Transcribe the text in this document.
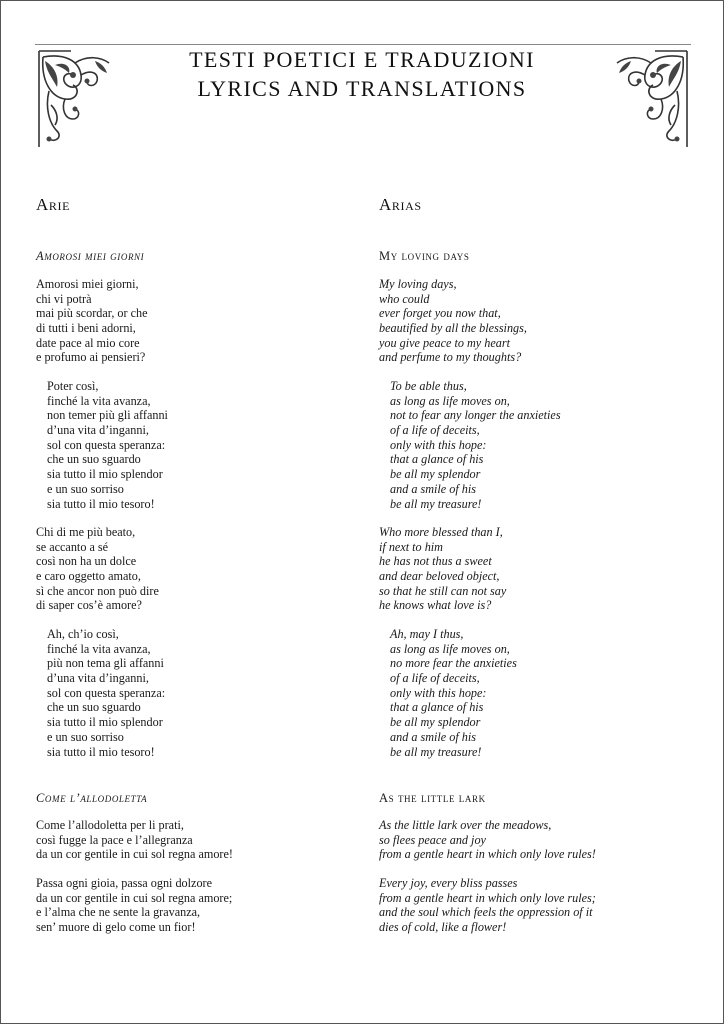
TESTI POETICI E TRADUZIONI
LYRICS AND TRANSLATIONS
Arie
Amorosi miei giorni
Amorosi miei giorni,
chi vi potrà
mai più scordar, or che
di tutti i beni adorni,
date pace al mio core
e profumo ai pensieri?
Poter così,
finché la vita avanza,
non temer più gli affanni
d’una vita d’inganni,
sol con questa speranza:
che un suo sguardo
sia tutto il mio splendor
e un suo sorriso
sia tutto il mio tesoro!
Chi di me più beato,
se accanto a sé
così non ha un dolce
e caro oggetto amato,
sì che ancor non può dire
di saper cos’è amore?
Ah, ch’io così,
finché la vita avanza,
più non tema gli affanni
d’una vita d’inganni,
sol con questa speranza:
che un suo sguardo
sia tutto il mio splendor
e un suo sorriso
sia tutto il mio tesoro!
Come l’allodoletta
Come l’allodoletta per li prati,
così fugge la pace e l’allegranza
da un cor gentile in cui sol regna amore!
Passa ogni gioia, passa ogni dolzore
da un cor gentile in cui sol regna amore;
e l’alma che ne sente la gravanza,
sen’ muore di gelo come un fior!
Arias
My loving days
My loving days,
who could
ever forget you now that,
beautified by all the blessings,
you give peace to my heart
and perfume to my thoughts?
To be able thus,
as long as life moves on,
not to fear any longer the anxieties
of a life of deceits,
only with this hope:
that a glance of his
be all my splendor
and a smile of his
be all my treasure!
Who more blessed than I,
if next to him
he has not thus a sweet
and dear beloved object,
so that he still can not say
he knows what love is?
Ah, may I thus,
as long as life moves on,
no more fear the anxieties
of a life of deceits,
only with this hope:
that a glance of his
be all my splendor
and a smile of his
be all my treasure!
As the little lark
As the little lark over the meadows,
so flees peace and joy
from a gentle heart in which only love rules!
Every joy, every bliss passes
from a gentle heart in which only love rules;
and the soul which feels the oppression of it
dies of cold, like a flower!
